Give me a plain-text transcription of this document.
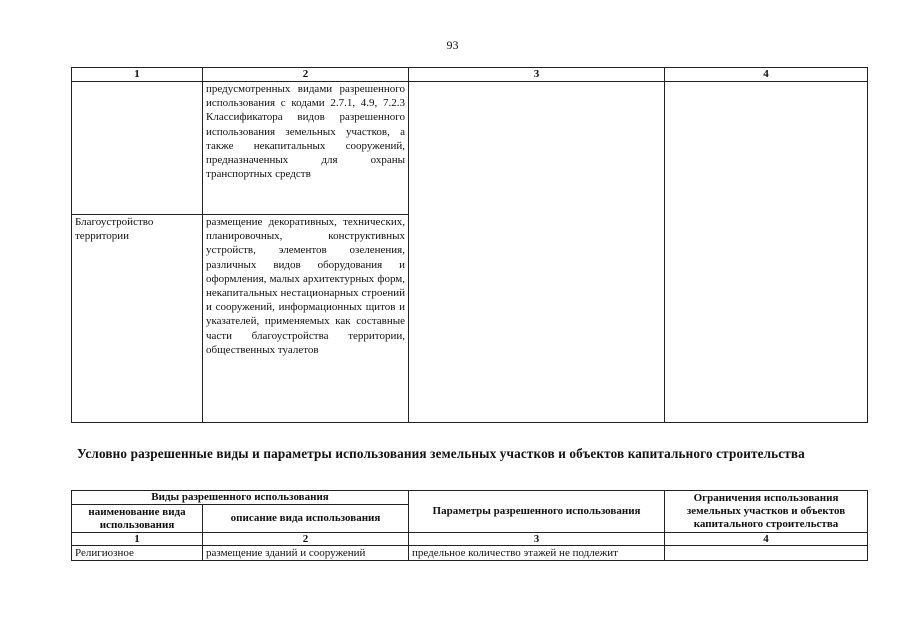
93
1	2	3	4
	предусмотренных видами разрешенного использования с кодами 2.7.1, 4.9, 7.2.3 Классификатора видов разрешенного использования земельных участков, а также некапитальных сооружений, предназначенных для охраны транспортных средств		
Благоустройство территории	размещение декоративных, технических, планировочных, конструктивных устройств, элементов озеленения, различных видов оборудования и оформления, малых архитектурных форм, некапитальных нестационарных строений и сооружений, информационных щитов и указателей, применяемых как составные части благоустройства территории, общественных туалетов		
Условно разрешенные виды и параметры использования земельных участков и объектов капитального строительства
Виды разрешенного использования		Параметры разрешенного использования	Ограничения использования земельных участков и объектов капитального строительства
наименование вида использования	описание вида использования		
1	2	3	4
Религиозное	размещение зданий и сооружений	предельное количество этажей не подлежит	
